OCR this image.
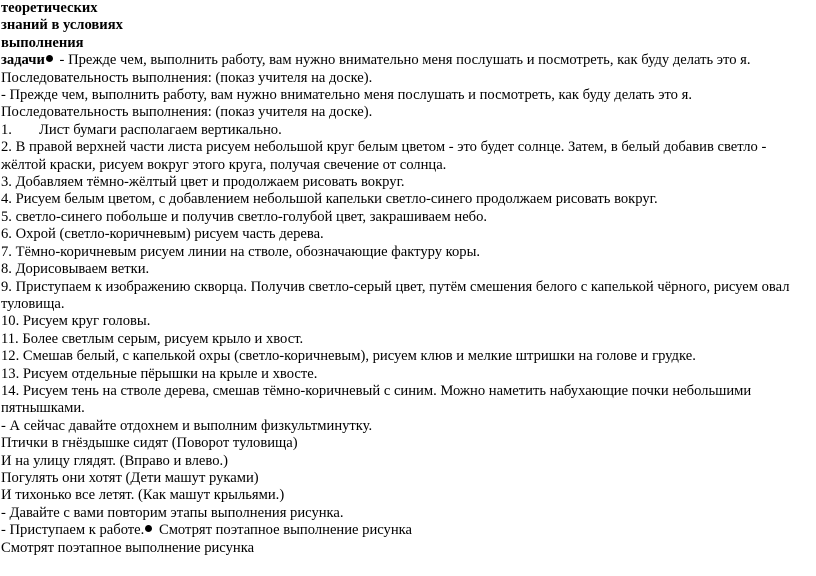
теоретических
знаний в условиях
выполнения
задачи - Прежде чем, выполнить работу, вам нужно внимательно меня послушать и посмотреть, как буду делать это я.
Последовательность выполнения: (показ учителя на доске).
- Прежде чем, выполнить работу, вам нужно внимательно меня послушать и посмотреть, как буду делать это я.
Последовательность выполнения: (показ учителя на доске).
1. Лист бумаги располагаем вертикально.
2. В правой верхней части листа рисуем небольшой круг белым цветом - это будет солнце. Затем, в белый добавив светло - жёлтой краски, рисуем вокруг этого круга, получая свечение от солнца.
3. Добавляем тёмно-жёлтый цвет и продолжаем рисовать вокруг.
4. Рисуем белым цветом, с добавлением небольшой капельки светло-синего продолжаем рисовать вокруг.
5. светло-синего побольше и получив светло-голубой цвет, закрашиваем небо.
6. Охрой (светло-коричневым) рисуем часть дерева.
7. Тёмно-коричневым рисуем линии на стволе, обозначающие фактуру коры.
8. Дорисовываем ветки.
9. Приступаем к изображению скворца. Получив светло-серый цвет, путём смешения белого с капелькой чёрного, рисуем овал туловища.
10. Рисуем круг головы.
11. Более светлым серым, рисуем крыло и хвост.
12. Смешав белый, с капелькой охры (светло-коричневым), рисуем клюв и мелкие штришки на голове и грудке.
13. Рисуем отдельные пёрышки на крыле и хвосте.
14. Рисуем тень на стволе дерева, смешав тёмно-коричневый с синим. Можно наметить набухающие почки небольшими пятнышками.
- А сейчас давайте отдохнем и выполним физкультминутку.
Птички в гнёздышке сидят (Поворот туловища)
И на улицу глядят. (Вправо и влево.)
Погулять они хотят (Дети машут руками)
И тихонько все летят. (Как машут крыльями.)
- Давайте с вами повторим этапы выполнения рисунка.
- Приступаем к работе. Смотрят поэтапное выполнение рисунка
Смотрят поэтапное выполнение рисунка
